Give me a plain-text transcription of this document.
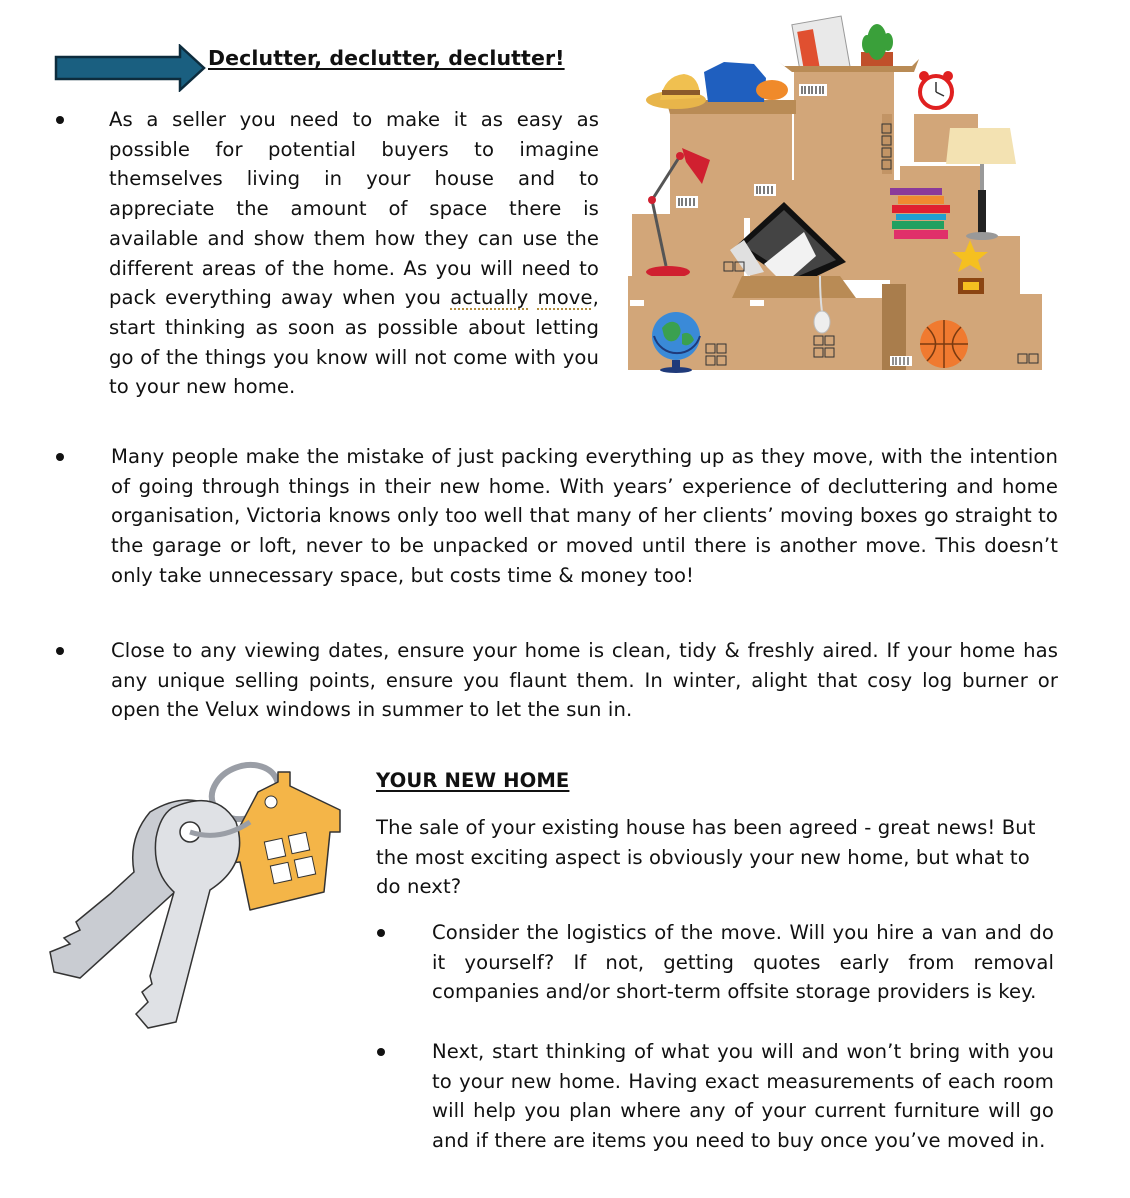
Declutter, declutter, declutter!
As a seller you need to make it as easy as possible for potential buyers to imagine themselves living in your house and to appreciate the amount of space there is available and show them how they can use the different areas of the home. As you will need to pack everything away when you actually move, start thinking as soon as possible about letting go of the things you know will not come with you to your new home.
Many people make the mistake of just packing everything up as they move, with the intention of going through things in their new home. With years’ experience of decluttering and home organisation, Victoria knows only too well that many of her clients’ moving boxes go straight to the garage or loft, never to be unpacked or moved until there is another move. This doesn’t only take unnecessary space, but costs time & money too!
Close to any viewing dates, ensure your home is clean, tidy & freshly aired. If your home has any unique selling points, ensure you flaunt them. In winter, alight that cosy log burner or open the Velux windows in summer to let the sun in.
YOUR NEW HOME
The sale of your existing house has been agreed - great news! But the most exciting aspect is obviously your new home, but what to do next?
Consider the logistics of the move. Will you hire a van and do it yourself? If not, getting quotes early from removal companies and/or short-term offsite storage providers is key.
Next, start thinking of what you will and won’t bring with you to your new home. Having exact measurements of each room will help you plan where any of your current furniture will go and if there are items you need to buy once you’ve moved in.
